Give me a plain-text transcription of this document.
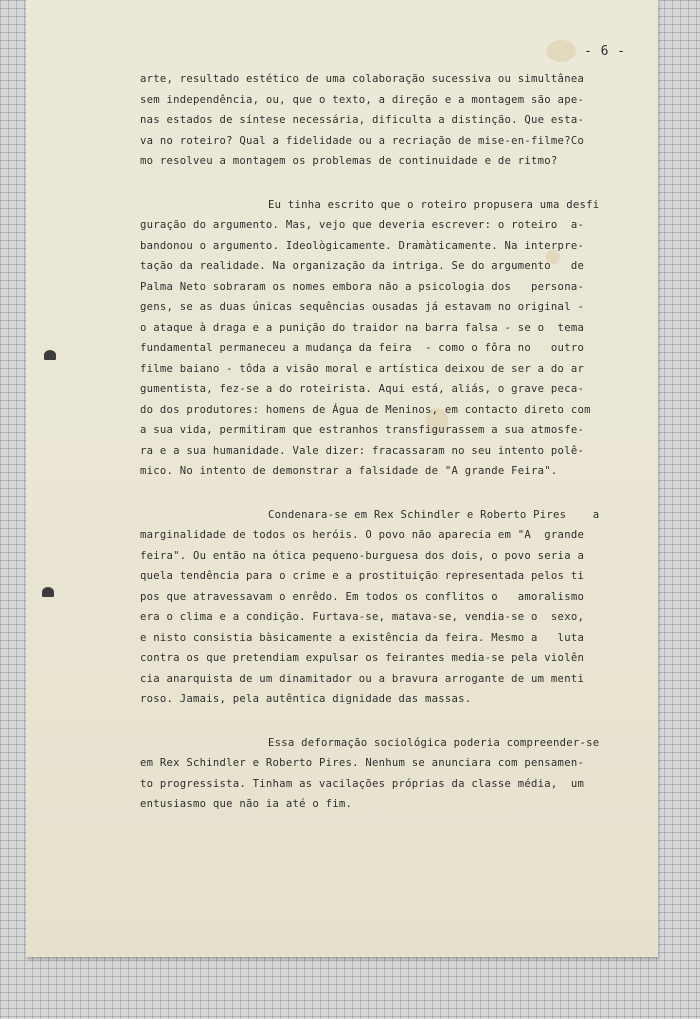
- 6 -
arte, resultado estético de uma colaboração sucessiva ou simultânea
sem independência, ou, que o texto, a direção e a montagem são ape-
nas estados de síntese necessária, dificulta a distinção. Que esta-
va no roteiro? Qual a fidelidade ou a recriação de mise-en-filme?Co
mo resolveu a montagem os problemas de continuidade e de ritmo?
Eu tinha escrito que o roteiro propusera uma desfi
guração do argumento. Mas, vejo que deveria escrever: o roteiro  a-
bandonou o argumento. Ideològicamente. Dramàticamente. Na interpre-
tação da realidade. Na organização da intriga. Se do argumento   de
Palma Neto sobraram os nomes embora não a psicologia dos   persona-
gens, se as duas únicas sequências ousadas já estavam no original -
o ataque à draga e a punição do traidor na barra falsa - se o  tema
fundamental permaneceu a mudança da feira  - como o fôra no   outro
filme baiano - tôda a visão moral e artística deixou de ser a do ar
gumentista, fez-se a do roteirista. Aqui está, aliás, o grave peca-
do dos produtores: homens de Água de Meninos, em contacto direto com
a sua vida, permitiram que estranhos transfigurassem a sua atmosfe-
ra e a sua humanidade. Vale dizer: fracassaram no seu intento polê-
mico. No intento de demonstrar a falsidade de "A grande Feira".
Condenara-se em Rex Schindler e Roberto Pires    a
marginalidade de todos os heróis. O povo não aparecia em "A  grande
feira". Ou então na ótica pequeno-burguesa dos dois, o povo seria a
quela tendência para o crime e a prostituição representada pelos ti
pos que atravessavam o enrêdo. Em todos os conflitos o   amoralismo
era o clima e a condição. Furtava-se, matava-se, vendia-se o  sexo,
e nisto consistia bàsicamente a existência da feira. Mesmo a   luta
contra os que pretendiam expulsar os feirantes media-se pela violên
cia anarquista de um dinamitador ou a bravura arrogante de um menti
roso. Jamais, pela autêntica dignidade das massas.
Essa deformação sociológica poderia compreender-se
em Rex Schindler e Roberto Pires. Nenhum se anunciara com pensamen-
to progressista. Tinham as vacilações próprias da classe média,  um
entusiasmo que não ia até o fim.
